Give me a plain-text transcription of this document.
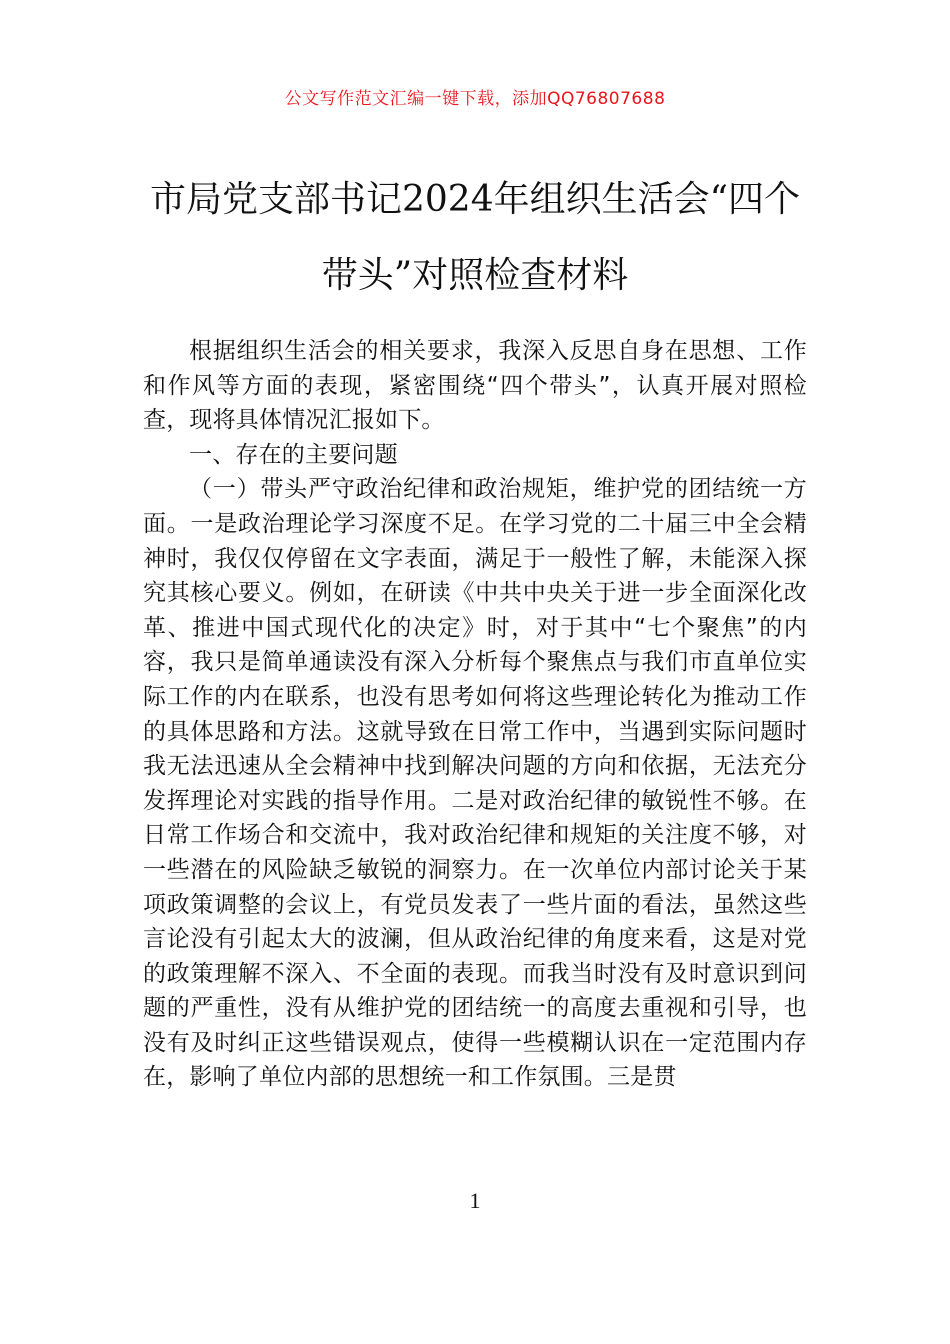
公文写作范文汇编一键下载，添加QQ76807688
市局党支部书记2024年组织生活会“四个带头”对照检查材料

根据组织生活会的相关要求，我深入反思自身在思想、工作和作风等方面的表现，紧密围绕“四个带头”，认真开展对照检查，现将具体情况汇报如下。

一、存在的主要问题

（一）带头严守政治纪律和政治规矩，维护党的团结统一方面。一是政治理论学习深度不足。在学习党的二十届三中全会精神时，我仅仅停留在文字表面，满足于一般性了解，未能深入探究其核心要义。例如，在研读《中共中央关于进一步全面深化改革、推进中国式现代化的决定》时，对于其中“七个聚焦”的内容，我只是简单通读没有深入分析每个聚焦点与我们市直单位实际工作的内在联系，也没有思考如何将这些理论转化为推动工作的具体思路和方法。这就导致在日常工作中，当遇到实际问题时我无法迅速从全会精神中找到解决问题的方向和依据，无法充分发挥理论对实践的指导作用。二是对政治纪律的敏锐性不够。在日常工作场合和交流中，我对政治纪律和规矩的关注度不够，对一些潜在的风险缺乏敏锐的洞察力。在一次单位内部讨论关于某项政策调整的会议上，有党员发表了一些片面的看法，虽然这些言论没有引起太大的波澜，但从政治纪律的角度来看，这是对党的政策理解不深入、不全面的表现。而我当时没有及时意识到问题的严重性，没有从维护党的团结统一的高度去重视和引导，也没有及时纠正这些错误观点，使得一些模糊认识在一定范围内存在，影响了单位内部的思想统一和工作氛围。三是贯

1
